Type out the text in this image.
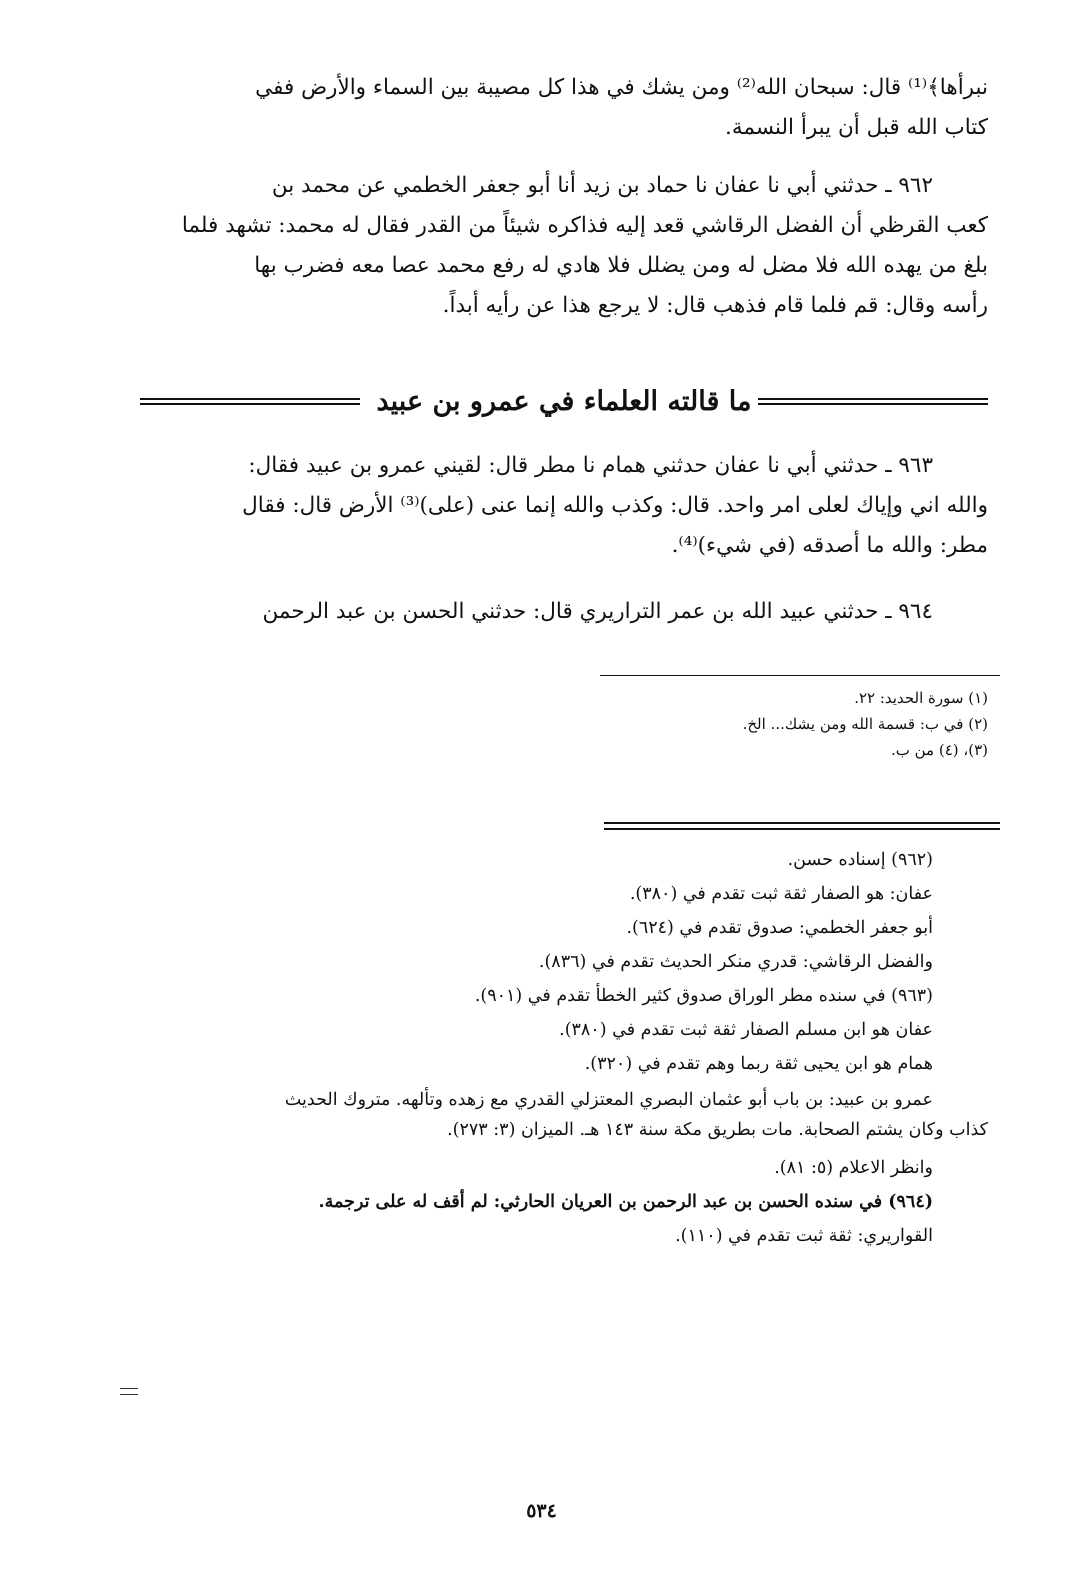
نبرأها﴾⁽¹⁾ قال: سبحان الله⁽²⁾ ومن يشك في هذا كل مصيبة بين السماء والأرض ففي
كتاب الله قبل أن يبرأ النسمة.
٩٦٢ ـ حدثني أبي نا عفان نا حماد بن زيد أنا أبو جعفر الخطمي عن محمد بن
كعب القرظي أن الفضل الرقاشي قعد إليه فذاكره شيئاً من القدر فقال له محمد: تشهد فلما
بلغ من يهده الله فلا مضل له ومن يضلل فلا هادي له رفع محمد عصا معه فضرب بها
رأسه وقال: قم فلما قام فذهب قال: لا يرجع هذا عن رأيه أبداً.
ما قالته العلماء في عمرو بن عبيد
٩٦٣ ـ حدثني أبي نا عفان حدثني همام نا مطر قال: لقيني عمرو بن عبيد فقال:
والله اني وإياك لعلى امر واحد. قال: وكذب والله إنما عنى (على)⁽³⁾ الأرض قال: فقال
مطر: والله ما أصدقه (في شيء)⁽⁴⁾.
٩٦٤ ـ حدثني عبيد الله بن عمر التراريري قال: حدثني الحسن بن عبد الرحمن
(١) سورة الحديد: ٢٢.
(٢) في ب: قسمة الله ومن يشك... الخ.
(٣)، (٤) من ب.
(٩٦٢) إسناده حسن.
عفان: هو الصفار ثقة ثبت تقدم في (٣٨٠).
أبو جعفر الخطمي: صدوق تقدم في (٦٢٤).
والفضل الرقاشي: قدري منكر الحديث تقدم في (٨٣٦).
(٩٦٣) في سنده مطر الوراق صدوق كثير الخطأ تقدم في (٩٠١).
عفان هو ابن مسلم الصفار ثقة ثبت تقدم في (٣٨٠).
همام هو ابن يحيى ثقة ربما وهم تقدم في (٣٢٠).
عمرو بن عبيد: بن باب أبو عثمان البصري المعتزلي القدري مع زهده وتألهه. متروك الحديث
كذاب وكان يشتم الصحابة. مات بطريق مكة سنة ١٤٣ هـ. الميزان (٣: ٢٧٣).
وانظر الاعلام (٥: ٨١).
(٩٦٤) في سنده الحسن بن عبد الرحمن بن العريان الحارثي: لم أقف له على ترجمة.
القواريري: ثقة ثبت تقدم في (١١٠).
٥٣٤
